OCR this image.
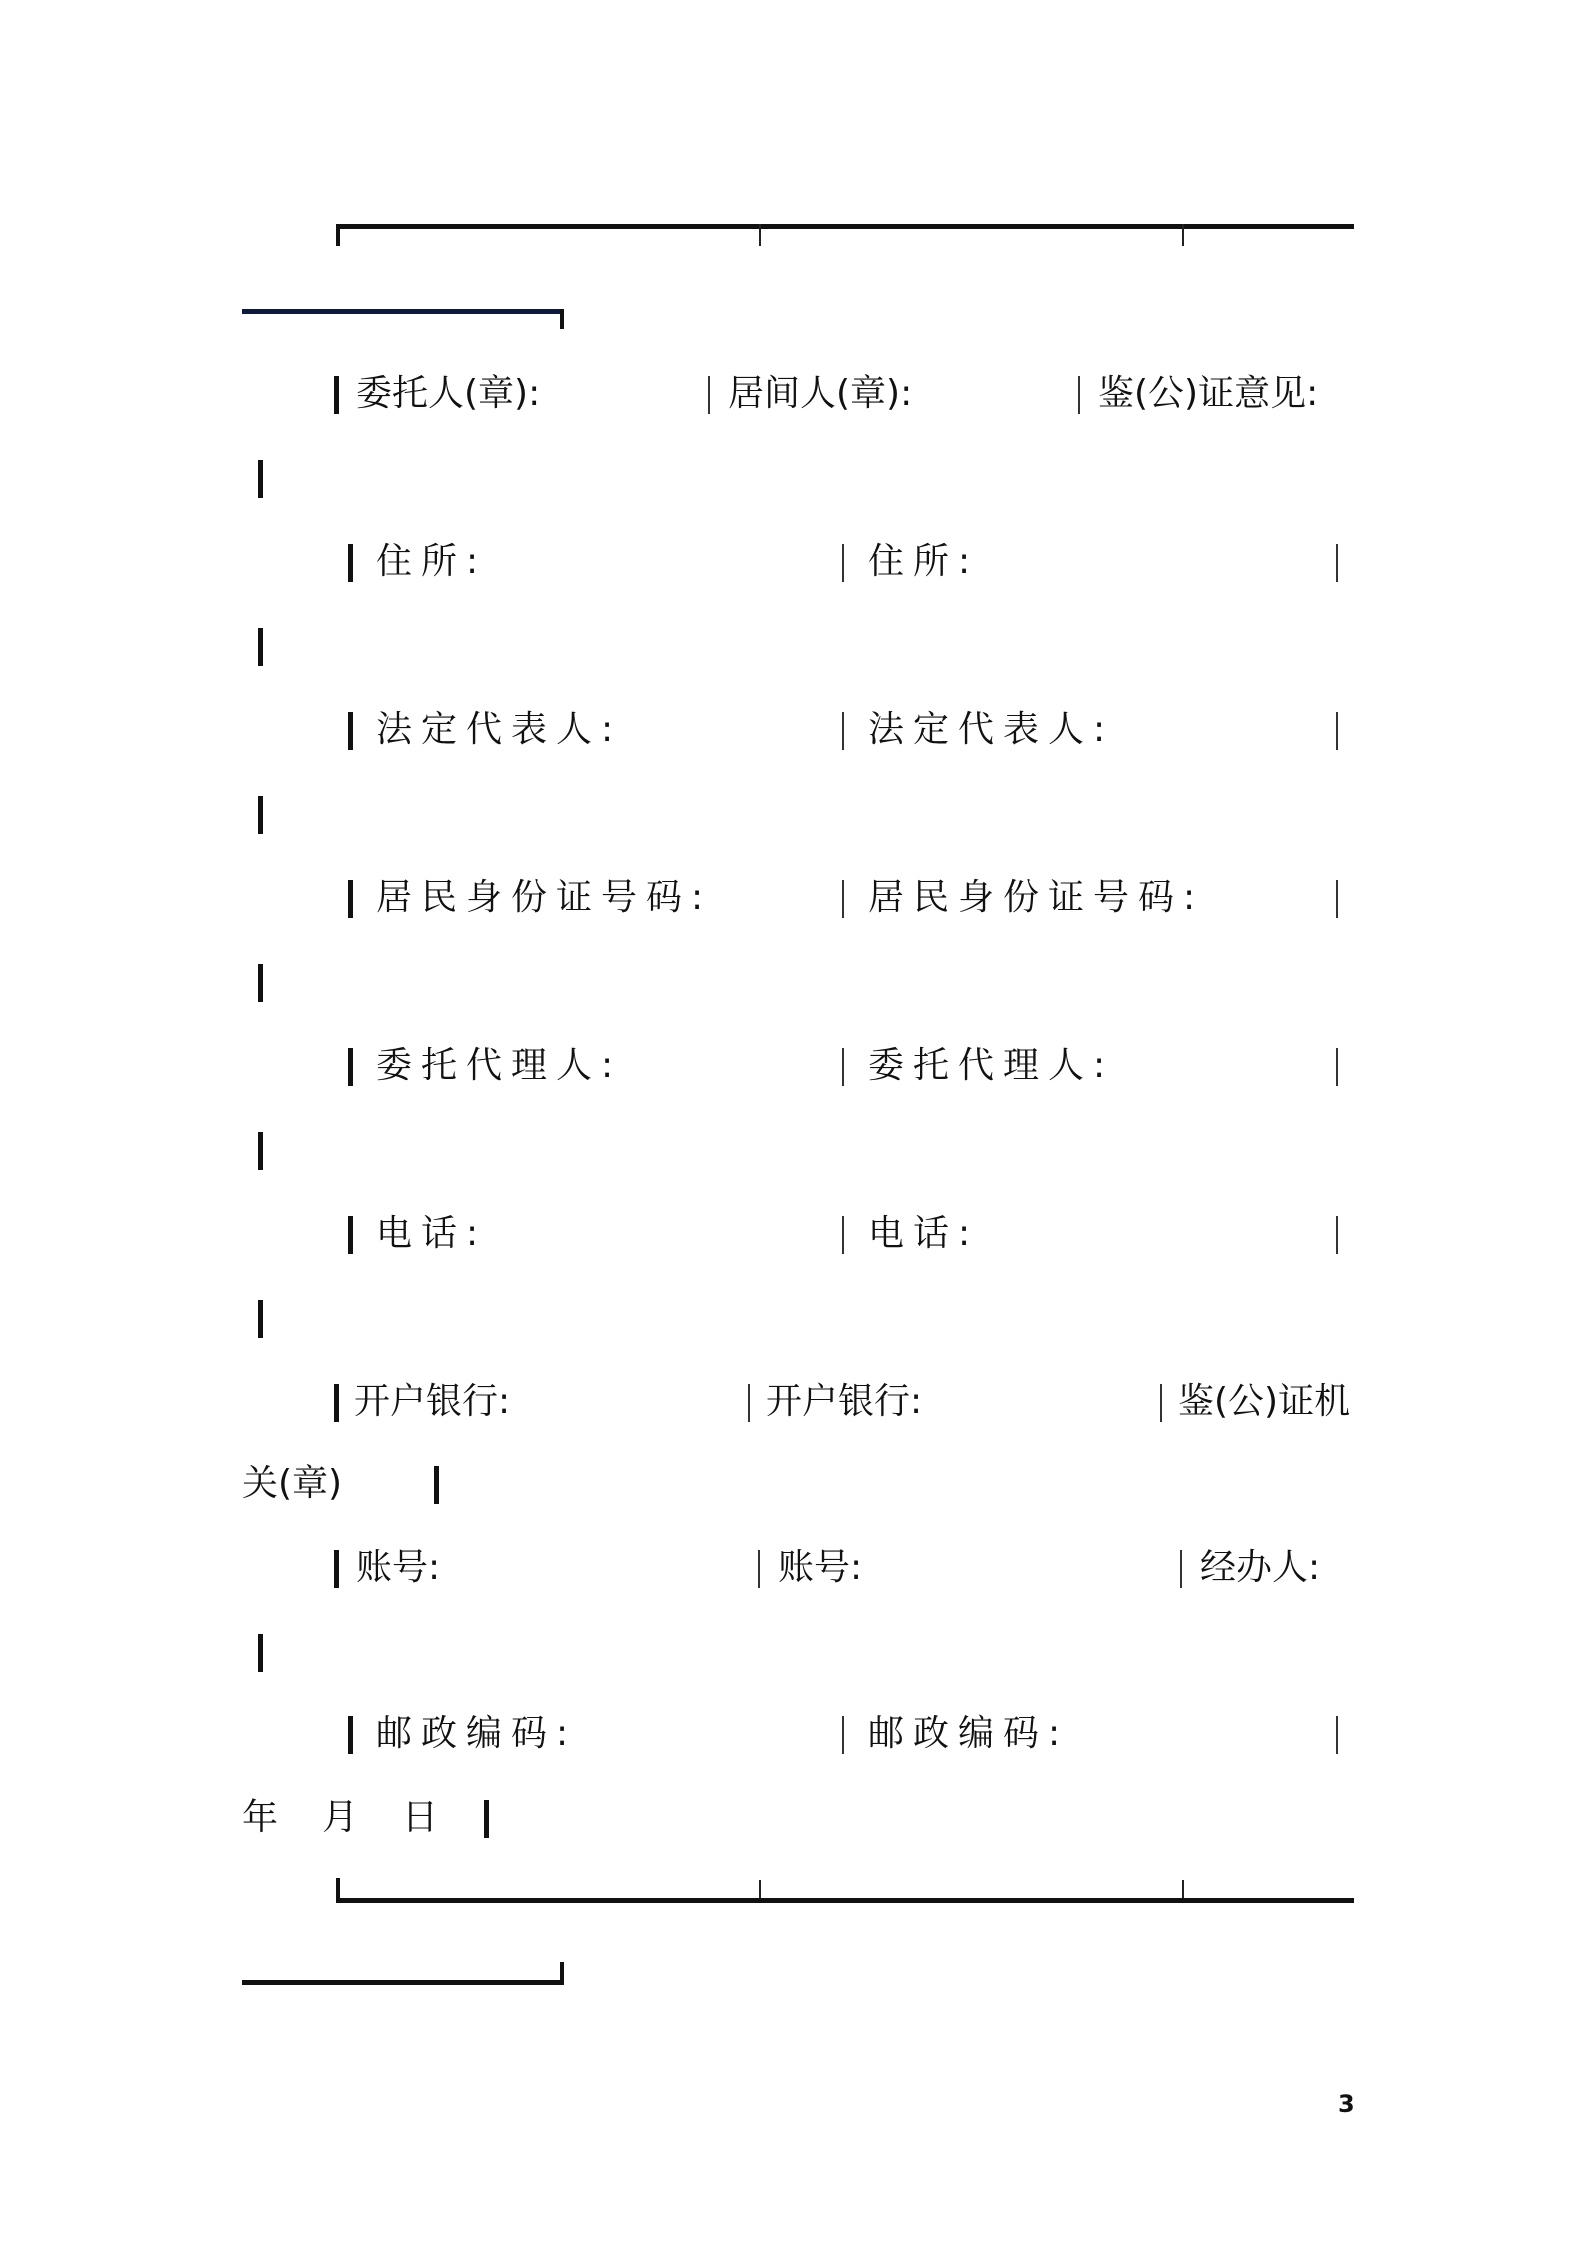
委托人(章):	居间人(章):	鉴(公)证意见:
住所:	住所:
法定代表人:	法定代表人:
居民身份证号码:	居民身份证号码:
委托代理人:	委托代理人:
电话:	电话:
开户银行:	开户银行:	鉴(公)证机
关(章)
账号:	账号:	经办人:
邮政编码:	邮政编码:
年　月　日
3
